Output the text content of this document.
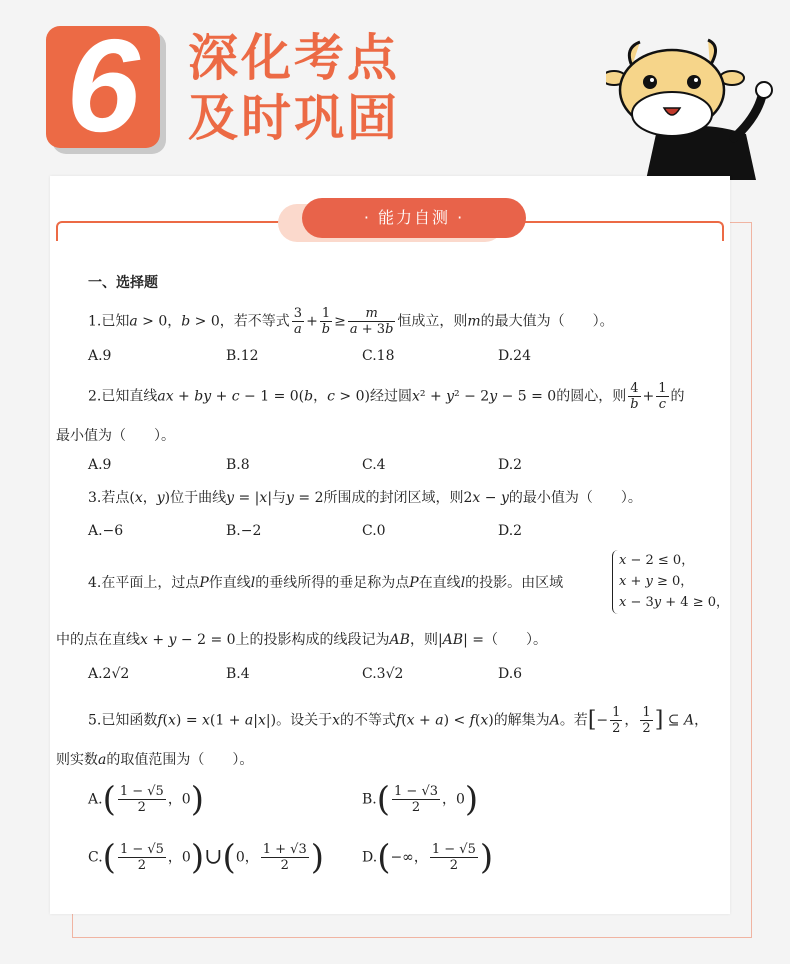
6 深化考点
及时巩固
· 能力自测 ·
一、选择题
1.已知a > 0，b > 0，若不等式 $\frac{3}{a} + \frac{1}{b} \ge \frac{m}{a + 3b}$ 恒成立，则m的最大值为（　　）。
A.9	B.12	C.18	D.24
2.已知直线ax + by + c − 1 = 0(b，c > 0)经过圆x² + y² − 2y − 5 = 0的圆心，则 $\frac{4}{b} + \frac{1}{c}$ 的
最小值为（　　）。
A.9	B.8	C.4	D.2
3.若点(x，y)位于曲线y = |x|与y = 2所围成的封闭区域，则2x − y的最小值为（　　）。
A.−6	B.−2	C.0	D.2
4.在平面上，过点P作直线l的垂线所得的垂足称为点P在直线l的投影。由区域
x − 2 ≤ 0，
x + y ≥ 0，
x − 3y + 4 ≥ 0，
中的点在直线x + y − 2 = 0上的投影构成的线段记为AB，则|AB| =（　　）。
A.2√2	B.4	C.3√2	D.6
5.已知函数f(x) = x(1 + a|x|)。设关于x的不等式f(x + a) < f(x)的解集为A。若[− $\frac{1}{2}$ ， $\frac{1}{2}$ ] ⊆ A，
则实数a的取值范围为（　　）。
$A.( \frac{1 - √5}{2}$ ，0)	$B.( \frac{1 - √3}{2}$ ，0)
$C.( \frac{1 - √5}{2}$ ，0)∪(0， $\frac{1 + √3}{2}$ )	D.(−∞， $\frac{1 - √5}{2}$ )
